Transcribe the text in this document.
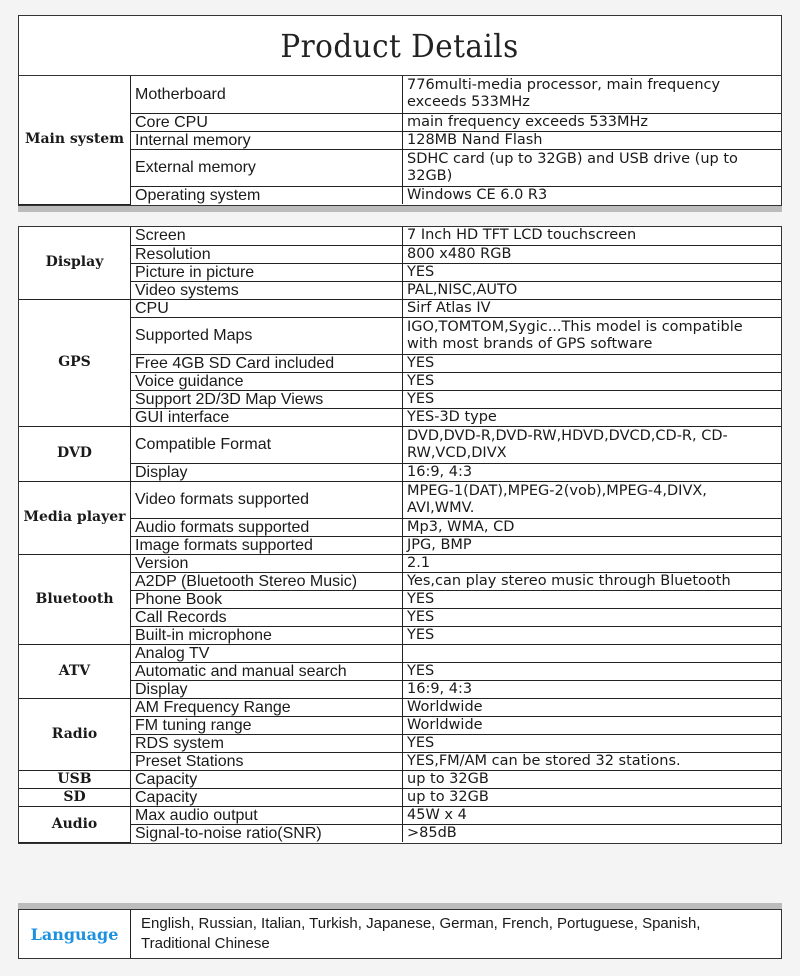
Product Details
Main system	Motherboard	776multi-media processor, main frequency exceeds 533MHz
	Core CPU	main frequency exceeds 533MHz
	Internal memory	128MB Nand Flash
	External memory	SDHC card (up to 32GB) and USB drive (up to 32GB)
	Operating system	Windows CE 6.0 R3
Display	Screen	7 Inch HD TFT LCD touchscreen
	Resolution	800 x480 RGB
	Picture in picture	YES
	Video systems	PAL,NISC,AUTO
GPS	CPU	Sirf Atlas IV
	Supported Maps	IGO,TOMTOM,Sygic...This model is compatible with most brands of GPS software
	Free 4GB SD Card included	YES
	Voice guidance	YES
	Support 2D/3D Map Views	YES
	GUI interface	YES-3D type
DVD	Compatible Format	DVD,DVD-R,DVD-RW,HDVD,DVCD,CD-R, CD-RW,VCD,DIVX
	Display	16:9, 4:3
Media player	Video formats supported	MPEG-1(DAT),MPEG-2(vob),MPEG-4,DIVX, AVI,WMV.
	Audio formats supported	Mp3, WMA, CD
	Image formats supported	JPG, BMP
Bluetooth	Version	2.1
	A2DP (Bluetooth Stereo Music)	Yes,can play stereo music through Bluetooth
	Phone Book	YES
	Call Records	YES
	Built-in microphone	YES
ATV	Analog TV	
	Automatic and manual search	YES
	Display	16:9, 4:3
Radio	AM Frequency Range	Worldwide
	FM tuning range	Worldwide
	RDS system	YES
	Preset Stations	YES,FM/AM can be stored 32 stations.
USB	Capacity	up to 32GB
SD	Capacity	up to 32GB
Audio	Max audio output	45W x 4
	Signal-to-noise ratio(SNR)	>85dB
Language	English, Russian, Italian, Turkish, Japanese, German, French, Portuguese, Spanish, Traditional Chinese
